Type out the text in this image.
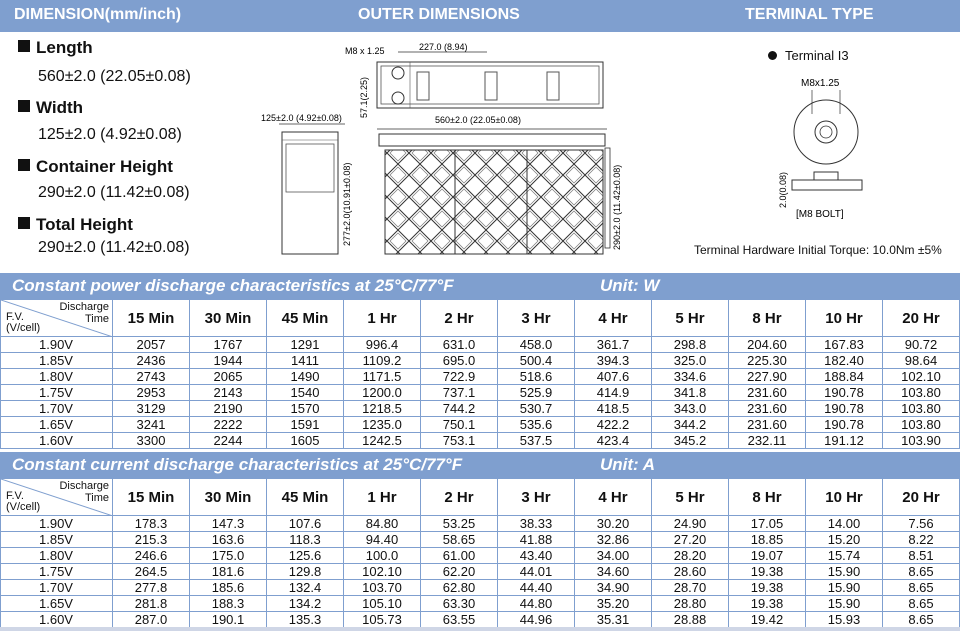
DIMENSION(mm/inch)	OUTER DIMENSIONS	TERMINAL TYPE
Length
560±2.0 (22.05±0.08)
Width
125±2.0 (4.92±0.08)
Container Height
290±2.0 (11.42±0.08)
Total Height
290±2.0 (11.42±0.08)
M8 x 1.25	227.0 (8.94)
57.1(2.25)
125±2.0 (4.92±0.08)
277±2.0(10.91±0.08)
560±2.0 (22.05±0.08)
290±2.0 (11.42±0.08)
Terminal I3
M8x1.25
2.0(0.08)
[M8 BOLT]
Terminal Hardware Initial Torque: 10.0Nm ±5%
Constant power discharge characteristics at 25°C/77°F	Unit: W
Discharge
Time
F.V.
(V/cell)	15 Min	30 Min	45 Min	1 Hr	2 Hr	3 Hr	4 Hr	5 Hr	8 Hr	10 Hr	20 Hr
1.90V	2057	1767	1291	996.4	631.0	458.0	361.7	298.8	204.60	167.83	90.72
1.85V	2436	1944	1411	1109.2	695.0	500.4	394.3	325.0	225.30	182.40	98.64
1.80V	2743	2065	1490	1171.5	722.9	518.6	407.6	334.6	227.90	188.84	102.10
1.75V	2953	2143	1540	1200.0	737.1	525.9	414.9	341.8	231.60	190.78	103.80
1.70V	3129	2190	1570	1218.5	744.2	530.7	418.5	343.0	231.60	190.78	103.80
1.65V	3241	2222	1591	1235.0	750.1	535.6	422.2	344.2	231.60	190.78	103.80
1.60V	3300	2244	1605	1242.5	753.1	537.5	423.4	345.2	232.11	191.12	103.90
Constant current discharge characteristics at 25°C/77°F	Unit: A
Discharge
Time
F.V.
(V/cell)	15 Min	30 Min	45 Min	1 Hr	2 Hr	3 Hr	4 Hr	5 Hr	8 Hr	10 Hr	20 Hr
1.90V	178.3	147.3	107.6	84.80	53.25	38.33	30.20	24.90	17.05	14.00	7.56
1.85V	215.3	163.6	118.3	94.40	58.65	41.88	32.86	27.20	18.85	15.20	8.22
1.80V	246.6	175.0	125.6	100.0	61.00	43.40	34.00	28.20	19.07	15.74	8.51
1.75V	264.5	181.6	129.8	102.10	62.20	44.01	34.60	28.60	19.38	15.90	8.65
1.70V	277.8	185.6	132.4	103.70	62.80	44.40	34.90	28.70	19.38	15.90	8.65
1.65V	281.8	188.3	134.2	105.10	63.30	44.80	35.20	28.80	19.38	15.90	8.65
1.60V	287.0	190.1	135.3	105.73	63.55	44.96	35.31	28.88	19.42	15.93	8.65
